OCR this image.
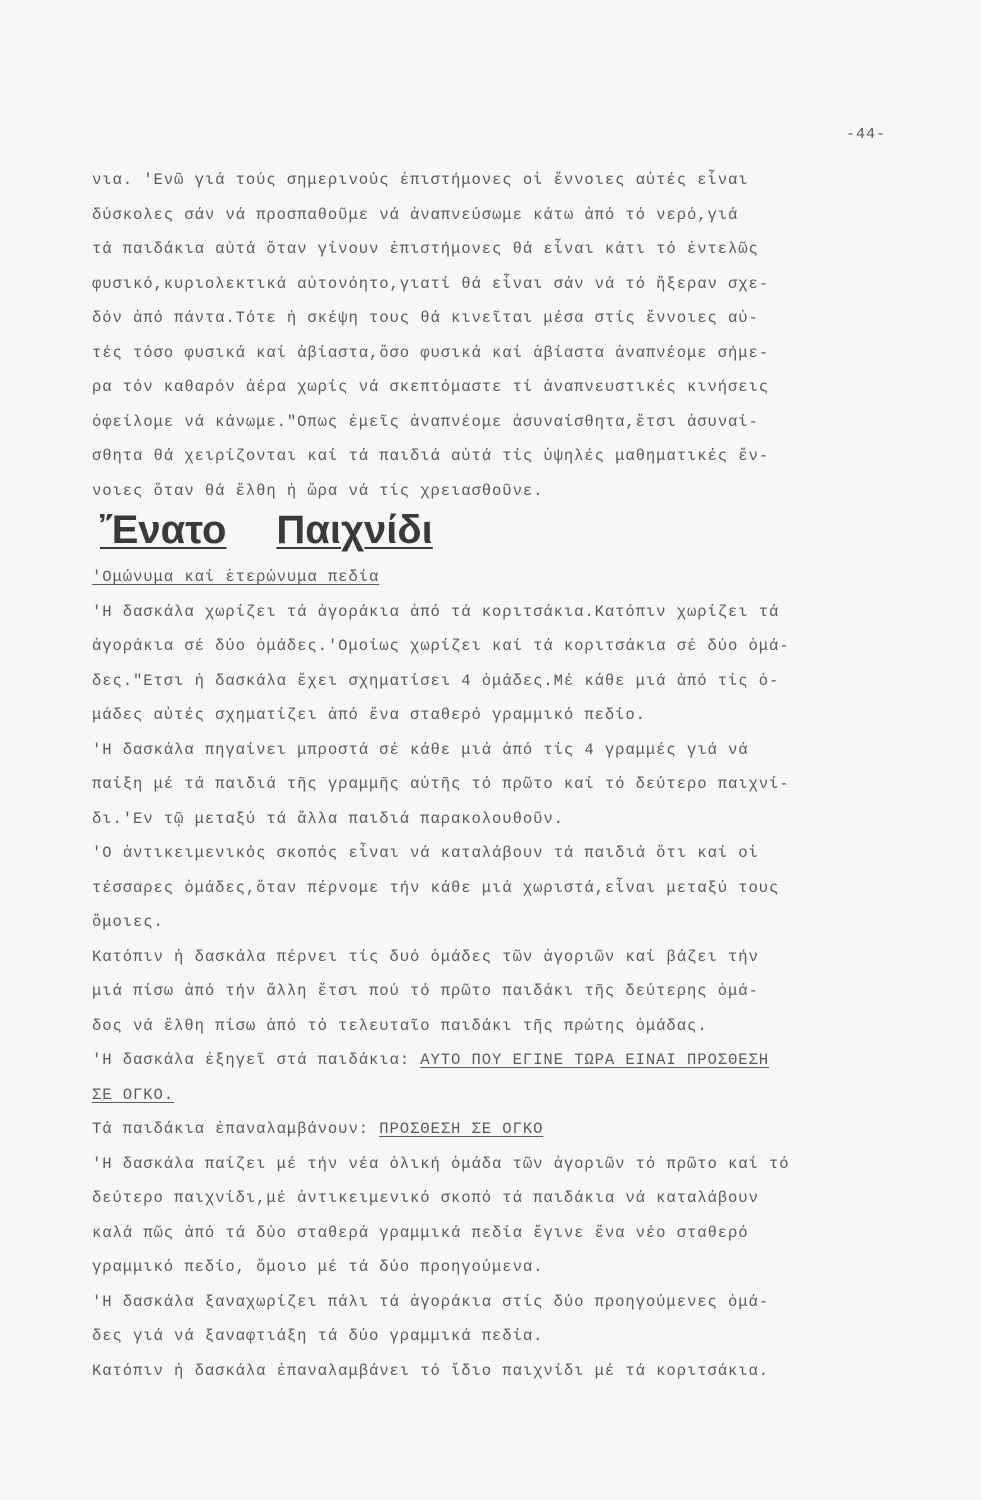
-44-
νια. 'Ενῶ γιά τούς σημερινούς ἐπιστήμονες οἱ ἔννοιες αὐτές εἶναι
δύσκολες σάν νά προσπαθοῦμε νά ἀναπνεύσωμε κάτω ἀπό τό νερό,γιά
τά παιδάκια αὐτά ὅταν γίνουν ἐπιστήμονες θά εἶναι κάτι τό ἐντελῶς
φυσικό,κυριολεκτικά αὐτονόητο,γιατί θά εἶναι σάν νά τό ἤξεραν σχε-
δόν ἀπό πάντα.Τότε ἡ σκέψη τους θά κινεῖται μέσα στίς ἔννοιες αὐ-
τές τόσο φυσικά καί ἀβίαστα,ὅσο φυσικά καί ἀβίαστα ἀναπνέομε σήμε-
ρα τόν καθαρόν ἀέρα χωρίς νά σκεπτόμαστε τί ἀναπνευστικές κινήσεις
ὀφείλομε νά κάνωμε."Οπως ἐμεῖς ἀναπνέομε ἀσυναίσθητα,ἔτσι ἀσυναί-
σθητα θά χειρίζονται καί τά παιδιά αὐτά τίς ὑψηλές μαθηματικές ἔν-
νοιες ὅταν θά ἔλθη ἡ ὥρα νά τίς χρειασθοῦνε.
Ἔνατο Παιχνίδι
'Ομώνυμα καί ἑτερώνυμα πεδία
'Η δασκάλα χωρίζει τά ἀγοράκια ἀπό τά κοριτσάκια.Κατόπιν χωρίζει τά
ἀγοράκια σέ δύο ὁμάδες.'Ομοίως χωρίζει καί τά κοριτσάκια σέ δύο ὁμά-
δες."Ετσι ἡ δασκάλα ἔχει σχηματίσει 4 ὁμάδες.Μέ κάθε μιά ἀπό τίς ὁ-
μάδες αὐτές σχηματίζει ἀπό ἕνα σταθερό γραμμικό πεδίο.
'Η δασκάλα πηγαίνει μπροστά σέ κάθε μιά ἀπό τίς 4 γραμμές γιά νά
παίξη μέ τά παιδιά τῆς γραμμῆς αὐτῆς τό πρῶτο καί τό δεύτερο παιχνί-
δι.'Εν τῷ μεταξύ τά ἄλλα παιδιά παρακολουθοῦν.
'Ο ἀντικειμενικός σκοπός εἶναι νά καταλάβουν τά παιδιά ὅτι καί οἱ
τέσσαρες ὁμάδες,ὅταν πέρνομε τήν κάθε μιά χωριστά,εἶναι μεταξύ τους
ὅμοιες.
Κατόπιν ἡ δασκάλα πέρνει τίς δυό ὁμάδες τῶν ἀγοριῶν καί βάζει τήν
μιά πίσω ἀπό τήν ἄλλη ἔτσι πού τό πρῶτο παιδάκι τῆς δεύτερης ὁμά-
δος νά ἔλθη πίσω ἀπό τό τελευταῖο παιδάκι τῆς πρώτης ὁμάδας.
'Η δασκάλα ἐξηγεῖ στά παιδάκια: ΑΥΤΟ ΠΟΥ ΕΓΙΝΕ ΤΩΡΑ ΕΙΝΑΙ ΠΡΟΣΘΕΣΗ
ΣΕ ΟΓΚΟ.
Τά παιδάκια ἐπαναλαμβάνουν: ΠΡΟΣΘΕΣΗ ΣΕ ΟΓΚΟ
'Η δασκάλα παίζει μέ τήν νέα ὁλική ὁμάδα τῶν ἀγοριῶν τό πρῶτο καί τό
δεύτερο παιχνίδι,μέ ἀντικειμενικό σκοπό τά παιδάκια νά καταλάβουν
καλά πῶς ἀπό τά δύο σταθερά γραμμικά πεδία ἔγινε ἕνα νέο σταθερό
γραμμικό πεδίο, ὅμοιο μέ τά δύο προηγούμενα.
'Η δασκάλα ξαναχωρίζει πάλι τά ἀγοράκια στίς δύο προηγούμενες ὁμά-
δες γιά νά ξαναφτιάξη τά δύο γραμμικά πεδία.
Κατόπιν ἡ δασκάλα ἐπαναλαμβάνει τό ἴδιο παιχνίδι μέ τά κοριτσάκια.
